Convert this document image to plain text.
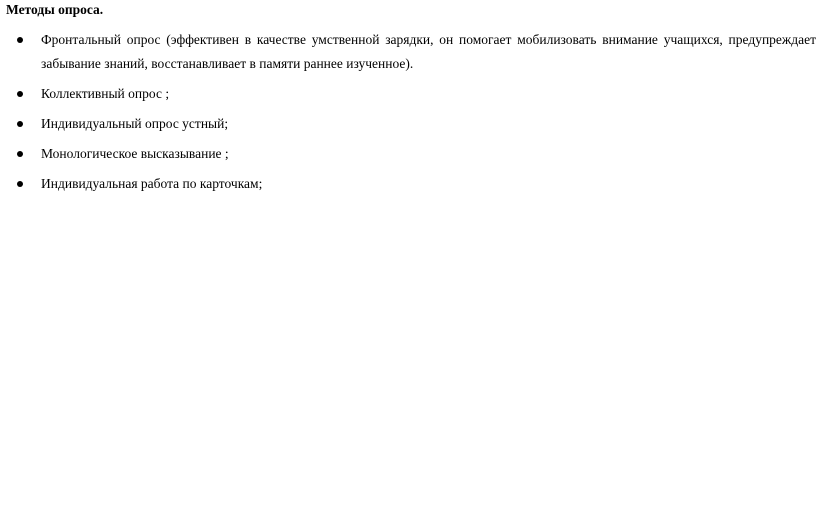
Методы опроса.
Фронтальный опрос (эффективен в качестве умственной зарядки, он помогает мобилизовать внимание учащихся, предупреждает забывание знаний, восстанавливает в памяти раннее изученное).
Коллективный опрос ;
Индивидуальный опрос устный;
Монологическое высказывание ;
Индивидуальная работа по карточкам;
